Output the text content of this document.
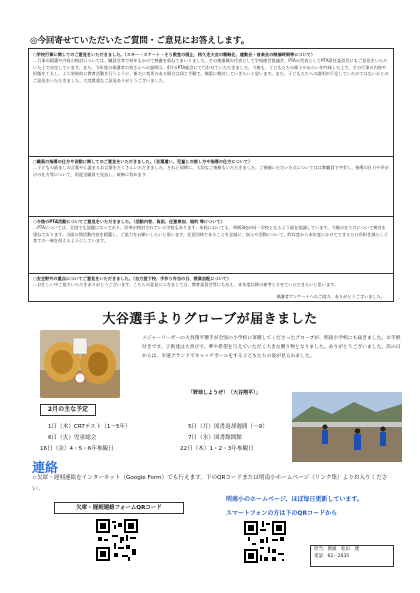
◎今回寄せていただいたご質問・ご意見にお答えします。
○学校行事に関してのご意見をいただきました。（スキー・スケート・そり教室の廃止、持久走大会の簡略化、運動会・音楽会の開催時期等について）
…行事の精選や内容の検討については、職員会等で何年もかけて熟慮を重ねてまいりました。その後地域の代表として学校運営協議会、PTAの代表としてPTA常任委員会にもご意見をいただいた上で決定しています。また、今年度の保護者の皆さんへの説明は、4月のPTA総会にて行わせていただきました。今後も、子どもたちの様子やねらいを吟味した上で、その行事の内容や形態を工夫し、より効果的に教育活動を行うように、新たに変更のある場合は同じ手順で、慎重に検討していきたいと思います。また、子どもたちへの説明が不足していたのではないかとのご意見をいただきました。大変貴重なご意見ありがとうございました。
○職員の指導の仕方や言動に関してのご意見をいただきました。（言葉遣い、児童との接し方や指導の仕方について）
…子どもの励ましの言葉や心温まるお言葉をたくさんいただきました。それと同時に、大切なご指摘もいただきました。ご指摘いただいた点についてはは教職員で共有し、指導の仕方や声がけの仕方等について、再度全職員で見直し、研修に努めます。
○今後のPTA活動についてご意見をいただきました。（活動内容、負担、任意参加、規約 等について）
…PTAについては、全国でも話題になっており、改革が検討されている学校もあります。本校においても、明朔3校が同一学校となるよう現在協議しています。今後の在り方について検討を重ねております。当面の間活動内容を精選し、ご協力をお願いしたいと思います。任意団体であることを念頭に、加入や活動について、昨年度から本年度にかけてできるだけ負担を減らし子育ての一端を担えるようにしています。
○安全野外の重点についてご意見をいただきました。（自力登下校、手作り弁当の日、教員加配について）
…お忙しい中ご協力いただきありがとうございます。こちらの意見につきましては、教育委員会等にも伝え、来年度以降の参考とさせていただきたいと思います。
保護者アンケートへのご協力、ありがとうございました。
大谷選手よりグローブが届きました
メジャーリーガーの大谷翔平選手が全国の小学校に寄贈してくださったグローブが、明南小学校にも届きました。お手紙付きです。子供達は大喜びで、夢や希望を与えていただく大きな贈り物となりました。ありがとうございました。次の日からは、早速グランドでキャッチボールをする子どもたちの姿が見られました。
「野球しようぜ！（大谷翔平）」
2月の主な予定
1日（木）CRTテスト（1〜5年）	5日（月）図書返却週間（〜9）
6日（火）児童総会	7日（水）図書館開館
16日（金）4・5・6年参観日	22日（木）1・2・3年参観日
連絡
☆欠席・遅刻連絡をインターネット（Google Form）でも行えます。下のQRコードまたは明南小ホームページ（リンク集）よりお入りください。
欠席・遅刻連絡フォームQRコード
明南小のホームページ、ほぼ毎日更新しています。
スマートフォンの方は下のQRコードから
担当：教頭　松田　透
電話　62－2035
